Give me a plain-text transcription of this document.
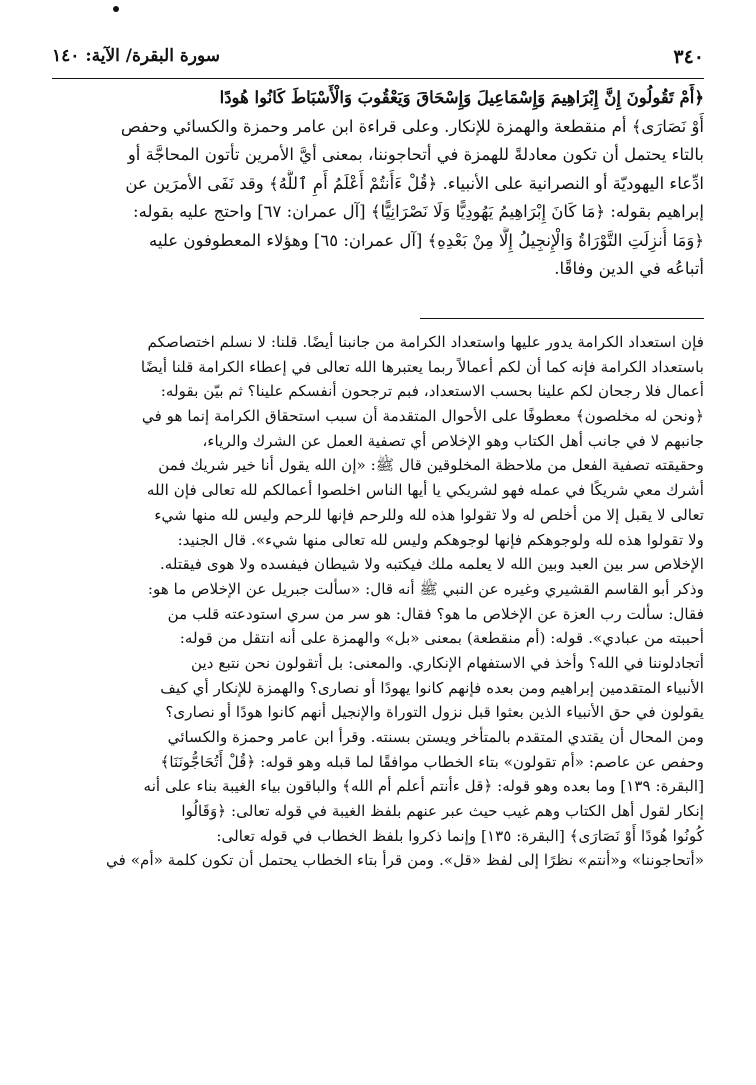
٣٤٠
سورة البقرة/ الآية: ١٤٠
﴿أَمْ تَقُولُونَ إِنَّ إِبْرَاهِيمَ وَإِسْمَاعِيلَ وَإِسْحَاقَ وَيَعْقُوبَ وَالْأَسْبَاطَ كَانُوا هُودًا
أَوْ نَصَارَى﴾ أم منقطعة والهمزة للإنكار. وعلى قراءة ابن عامر وحمزة والكسائي وحفص
بالتاء يحتمل أن تكون معادلةً للهمزة في أتحاجوننا، بمعنى أيَّ الأمرين تأتون المحاجَّة أو
ادِّعاء اليهوديّة أو النصرانية على الأنبياء. ﴿قُلْ ءَأَنتُمْ أَعْلَمُ أَمِ ٱللَّهُ﴾ وقد نَفَى الأمرَين عن
إبراهيم بقوله: ﴿مَا كَانَ إِبْرَاهِيمُ يَهُودِيًّا وَلَا نَصْرَانِيًّا﴾ [آل عمران: ٦٧] واحتج عليه بقوله:
﴿وَمَا أُنزِلَتِ التَّوْرَاةُ وَالْإِنجِيلُ إِلَّا مِنْ بَعْدِهِ﴾ [آل عمران: ٦٥] وهؤلاء المعطوفون عليه
أتباعُه في الدين وفاقًا.
فإن استعداد الكرامة يدور عليها واستعداد الكرامة من جانبنا أيضًا. قلنا: لا نسلم اختصاصكم
باستعداد الكرامة فإنه كما أن لكم أعمالاً ربما يعتبرها الله تعالى في إعطاء الكرامة قلنا أيضًا
أعمال فلا رجحان لكم علينا بحسب الاستعداد، فبم ترجحون أنفسكم علينا؟ ثم بيّن بقوله:
﴿ونحن له مخلصون﴾ معطوفًا على الأحوال المتقدمة أن سبب استحقاق الكرامة إنما هو في
جانبهم لا في جانب أهل الكتاب وهو الإخلاص أي تصفية العمل عن الشرك والرياء،
وحقيقته تصفية الفعل من ملاحظة المخلوقين قال ﷺ: «إن الله يقول أنا خير شريك فمن
أشرك معي شريكًا في عمله فهو لشريكي يا أيها الناس اخلصوا أعمالكم لله تعالى فإن الله
تعالى لا يقبل إلا من أخلص له ولا تقولوا هذه لله وللرحم فإنها للرحم وليس لله منها شيء
ولا تقولوا هذه لله ولوجوهكم فإنها لوجوهكم وليس لله تعالى منها شيء». قال الجنيد:
الإخلاص سر بين العبد وبين الله لا يعلمه ملك فيكتبه ولا شيطان فيفسده ولا هوى فيقتله.
وذكر أبو القاسم القشيري وغيره عن النبي ﷺ أنه قال: «سألت جبريل عن الإخلاص ما هو:
فقال: سألت رب العزة عن الإخلاص ما هو؟ فقال: هو سر من سري استودعته قلب من
أحببته من عبادي». قوله: (أم منقطعة) بمعنى «بل» والهمزة على أنه انتقل من قوله:
أتجادلوننا في الله؟ وأخذ في الاستفهام الإنكاري. والمعنى: بل أتقولون نحن نتبع دين
الأنبياء المتقدمين إبراهيم ومن بعده فإنهم كانوا يهودًا أو نصارى؟ والهمزة للإنكار أي كيف
يقولون في حق الأنبياء الذين بعثوا قبل نزول التوراة والإنجيل أنهم كانوا هودًا أو نصارى؟
ومن المحال أن يقتدي المتقدم بالمتأخر ويستن بسنته. وقرأ ابن عامر وحمزة والكسائي
وحفص عن عاصم: «أم تقولون» بتاء الخطاب موافقًا لما قبله وهو قوله: ﴿قُلْ أَتُحَاجُّونَنَا﴾
[البقرة: ١٣٩] وما بعده وهو قوله: ﴿قل ءأنتم أعلم أم الله﴾ والباقون بياء الغيبة بناء على أنه
إنكار لقول أهل الكتاب وهم غيب حيث عبر عنهم بلفظ الغيبة في قوله تعالى: ﴿وَقَالُوا
كُونُوا هُودًا أَوْ نَصَارَى﴾ [البقرة: ١٣٥] وإنما ذكروا بلفظ الخطاب في قوله تعالى:
«أتحاجوننا» و«أنتم» نظرًا إلى لفظ «قل». ومن قرأ بتاء الخطاب يحتمل أن تكون كلمة «أم» في
